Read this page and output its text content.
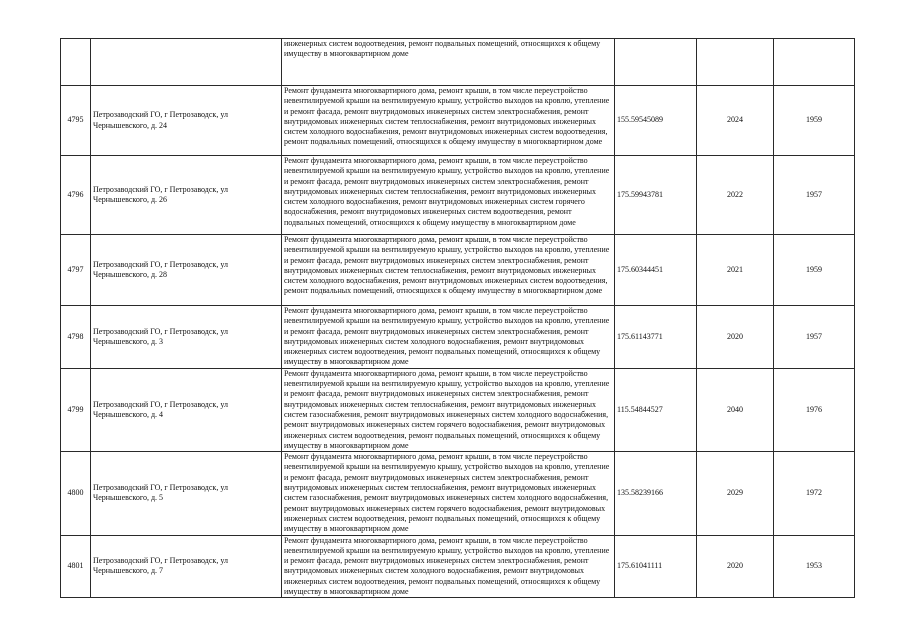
		инженерных систем водоотведения, ремонт подвальных помещений, относящихся к общему имуществу в многоквартирном доме			
4795	Петрозаводский ГО, г Петрозаводск, ул Чернышевского, д. 24	Ремонт фундамента многоквартирного дома, ремонт крыши, в том числе переустройство невентилируемой крыши на вентилируемую крышу, устройство выходов на кровлю, утепление и ремонт фасада, ремонт внутридомовых инженерных систем электроснабжения, ремонт внутридомовых инженерных систем теплоснабжения, ремонт внутридомовых инженерных систем холодного водоснабжения, ремонт внутридомовых инженерных систем водоотведения, ремонт подвальных помещений, относящихся к общему имуществу в многоквартирном доме	155.59545089	2024	1959
4796	Петрозаводский ГО, г Петрозаводск, ул Чернышевского, д. 26	Ремонт фундамента многоквартирного дома, ремонт крыши, в том числе переустройство невентилируемой крыши на вентилируемую крышу, устройство выходов на кровлю, утепление и ремонт фасада, ремонт внутридомовых инженерных систем электроснабжения, ремонт внутридомовых инженерных систем теплоснабжения, ремонт внутридомовых инженерных систем холодного водоснабжения, ремонт внутридомовых инженерных систем горячего водоснабжения, ремонт внутридомовых инженерных систем водоотведения, ремонт подвальных помещений, относящихся к общему имуществу в многоквартирном доме	175.59943781	2022	1957
4797	Петрозаводский ГО, г Петрозаводск, ул Чернышевского, д. 28	Ремонт фундамента многоквартирного дома, ремонт крыши, в том числе переустройство невентилируемой крыши на вентилируемую крышу, устройство выходов на кровлю, утепление и ремонт фасада, ремонт внутридомовых инженерных систем электроснабжения, ремонт внутридомовых инженерных систем теплоснабжения, ремонт внутридомовых инженерных систем холодного водоснабжения, ремонт внутридомовых инженерных систем водоотведения, ремонт подвальных помещений, относящихся к общему имуществу в многоквартирном доме	175.60344451	2021	1959
4798	Петрозаводский ГО, г Петрозаводск, ул Чернышевского, д. 3	Ремонт фундамента многоквартирного дома, ремонт крыши, в том числе переустройство невентилируемой крыши на вентилируемую крышу, устройство выходов на кровлю, утепление и ремонт фасада, ремонт внутридомовых инженерных систем электроснабжения, ремонт внутридомовых инженерных систем холодного водоснабжения, ремонт внутридомовых инженерных систем водоотведения, ремонт подвальных помещений, относящихся к общему имуществу в многоквартирном доме	175.61143771	2020	1957
4799	Петрозаводский ГО, г Петрозаводск, ул Чернышевского, д. 4	Ремонт фундамента многоквартирного дома, ремонт крыши, в том числе переустройство невентилируемой крыши на вентилируемую крышу, устройство выходов на кровлю, утепление и ремонт фасада, ремонт внутридомовых инженерных систем электроснабжения, ремонт внутридомовых инженерных систем теплоснабжения, ремонт внутридомовых инженерных систем газоснабжения, ремонт внутридомовых инженерных систем холодного водоснабжения, ремонт внутридомовых инженерных систем горячего водоснабжения, ремонт внутридомовых инженерных систем водоотведения, ремонт подвальных помещений, относящихся к общему имуществу в многоквартирном доме	115.54844527	2040	1976
4800	Петрозаводский ГО, г Петрозаводск, ул Чернышевского, д. 5	Ремонт фундамента многоквартирного дома, ремонт крыши, в том числе переустройство невентилируемой крыши на вентилируемую крышу, устройство выходов на кровлю, утепление и ремонт фасада, ремонт внутридомовых инженерных систем электроснабжения, ремонт внутридомовых инженерных систем теплоснабжения, ремонт внутридомовых инженерных систем газоснабжения, ремонт внутридомовых инженерных систем холодного водоснабжения, ремонт внутридомовых инженерных систем горячего водоснабжения, ремонт внутридомовых инженерных систем водоотведения, ремонт подвальных помещений, относящихся к общему имуществу в многоквартирном доме	135.58239166	2029	1972
4801	Петрозаводский ГО, г Петрозаводск, ул Чернышевского, д. 7	Ремонт фундамента многоквартирного дома, ремонт крыши, в том числе переустройство невентилируемой крыши на вентилируемую крышу, устройство выходов на кровлю, утепление и ремонт фасада, ремонт внутридомовых инженерных систем электроснабжения, ремонт внутридомовых инженерных систем холодного водоснабжения, ремонт внутридомовых инженерных систем водоотведения, ремонт подвальных помещений, относящихся к общему имуществу в многоквартирном доме	175.61041111	2020	1953
